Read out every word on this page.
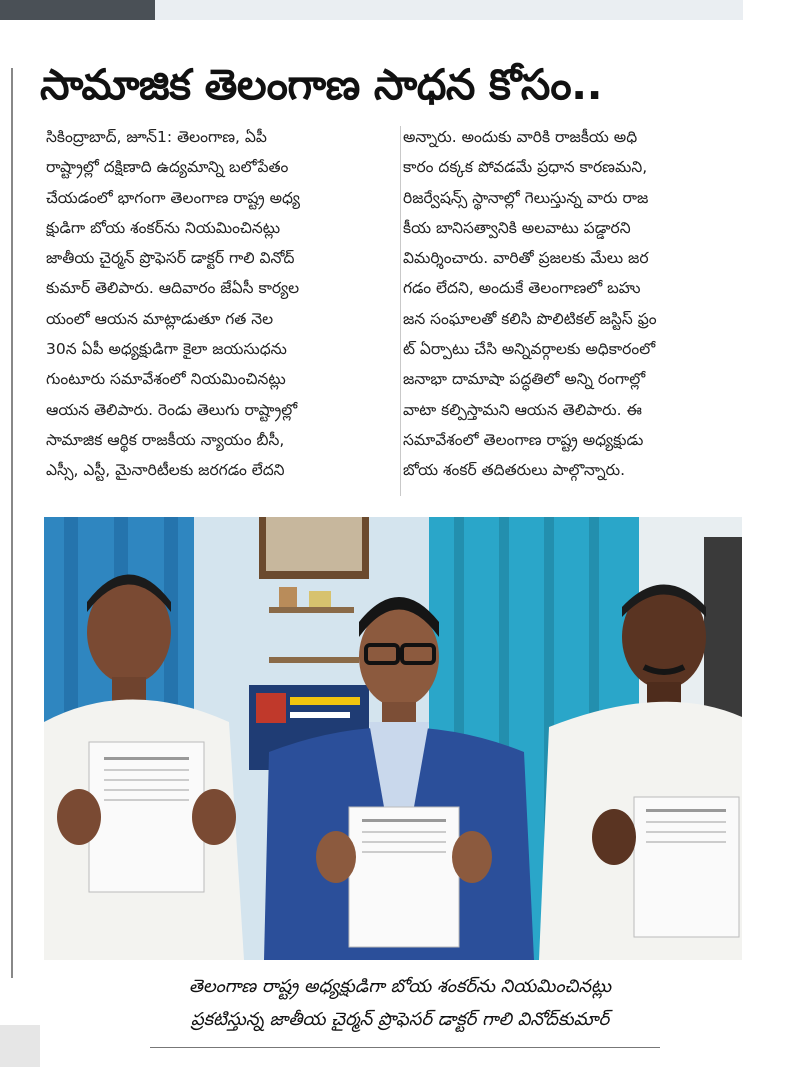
సామాజిక తెలంగాణ సాధన కోసం..
సికింద్రాబాద్, జూన్1: తెలంగాణ, ఏపీ
రాష్ట్రాల్లో దక్షిణాది ఉద్యమాన్ని బలోపేతం
చేయడంలో భాగంగా తెలంగాణ రాష్ట్ర అధ్య
క్షుడిగా బోయ శంకర్‌ను నియమించినట్లు
జాతీయ చైర్మన్ ప్రొఫెసర్ డాక్టర్ గాలి వినోద్
కుమార్ తెలిపారు. ఆదివారం జేఏసీ కార్యల
యంలో ఆయన మాట్లాడుతూ గత నెల
30న ఏపీ అధ్యక్షుడిగా కైలా జయసుధను
గుంటూరు సమావేశంలో నియమించినట్లు
ఆయన తెలిపారు. రెండు తెలుగు రాష్ట్రాల్లో
సామాజిక ఆర్థిక రాజకీయ న్యాయం బీసీ,
ఎస్సీ, ఎస్టీ, మైనారిటీలకు జరగడం లేదని
అన్నారు. అందుకు వారికి రాజకీయ అధి
కారం దక్కక పోవడమే ప్రధాన కారణమని,
రిజర్వేషన్స్ స్థానాల్లో గెలుస్తున్న వారు రాజ
కీయ బానిసత్వానికి అలవాటు పడ్డారని
విమర్శించారు. వారితో ప్రజలకు మేలు జర
గడం లేదని, అందుకే తెలంగాణలో బహు
జన సంఘాలతో కలిసి పొలిటికల్ జస్టిస్ ఫ్రం
ట్ ఏర్పాటు చేసి అన్నివర్గాలకు అధికారంలో
జనాభా దామాషా పద్ధతిలో అన్ని రంగాల్లో
వాటా కల్పిస్తామని ఆయన తెలిపారు. ఈ
సమావేశంలో తెలంగాణ రాష్ట్ర అధ్యక్షుడు
బోయ శంకర్ తదితరులు పాల్గొన్నారు.
తెలంగాణ రాష్ట్ర అధ్యక్షుడిగా బోయ శంకర్‌ను నియమించినట్లు
ప్రకటిస్తున్న జాతీయ చైర్మన్ ప్రొఫెసర్ డాక్టర్ గాలి వినోద్‌కుమార్
